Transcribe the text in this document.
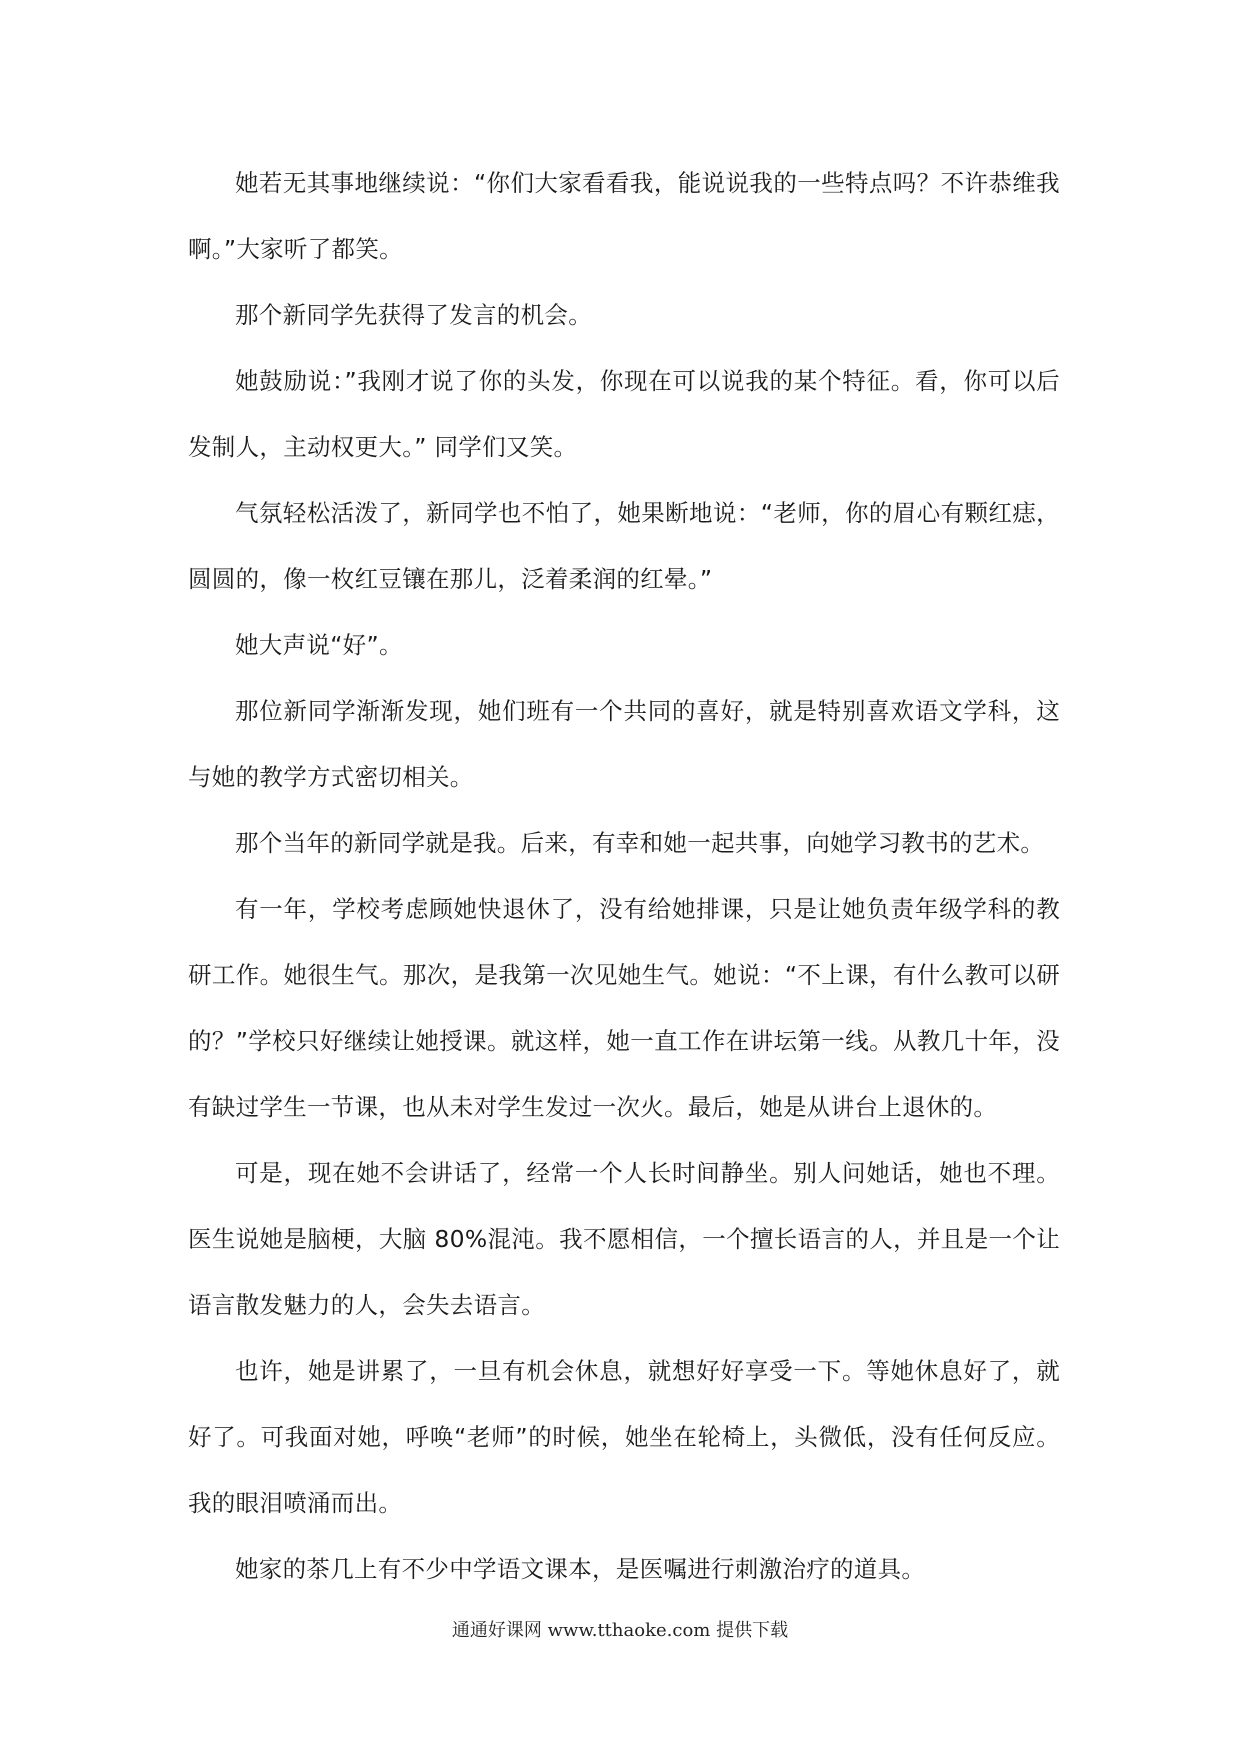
她若无其事地继续说：“你们大家看看我，能说说我的一些特点吗？不许恭维我啊。”大家听了都笑。

那个新同学先获得了发言的机会。

她鼓励说：”我刚才说了你的头发，你现在可以说我的某个特征。看，你可以后发制人，主动权更大。” 同学们又笑。

气氛轻松活泼了，新同学也不怕了，她果断地说：“老师，你的眉心有颗红痣，圆圆的，像一枚红豆镶在那儿，泛着柔润的红晕。”

她大声说“好”。

那位新同学渐渐发现，她们班有一个共同的喜好，就是特别喜欢语文学科，这与她的教学方式密切相关。

那个当年的新同学就是我。后来，有幸和她一起共事，向她学习教书的艺术。

有一年，学校考虑顾她快退休了，没有给她排课，只是让她负责年级学科的教研工作。她很生气。那次，是我第一次见她生气。她说：“不上课，有什么教可以研的？”学校只好继续让她授课。就这样，她一直工作在讲坛第一线。从教几十年，没有缺过学生一节课，也从未对学生发过一次火。最后，她是从讲台上退休的。

可是，现在她不会讲话了，经常一个人长时间静坐。别人问她话，她也不理。医生说她是脑梗，大脑 80%混沌。我不愿相信，一个擅长语言的人，并且是一个让语言散发魅力的人，会失去语言。

也许，她是讲累了，一旦有机会休息，就想好好享受一下。等她休息好了，就好了。可我面对她，呼唤“老师”的时候，她坐在轮椅上，头微低，没有任何反应。我的眼泪喷涌而出。

她家的茶几上有不少中学语文课本，是医嘱进行刺激治疗的道具。

通通好课网 www.tthaoke.com 提供下载
